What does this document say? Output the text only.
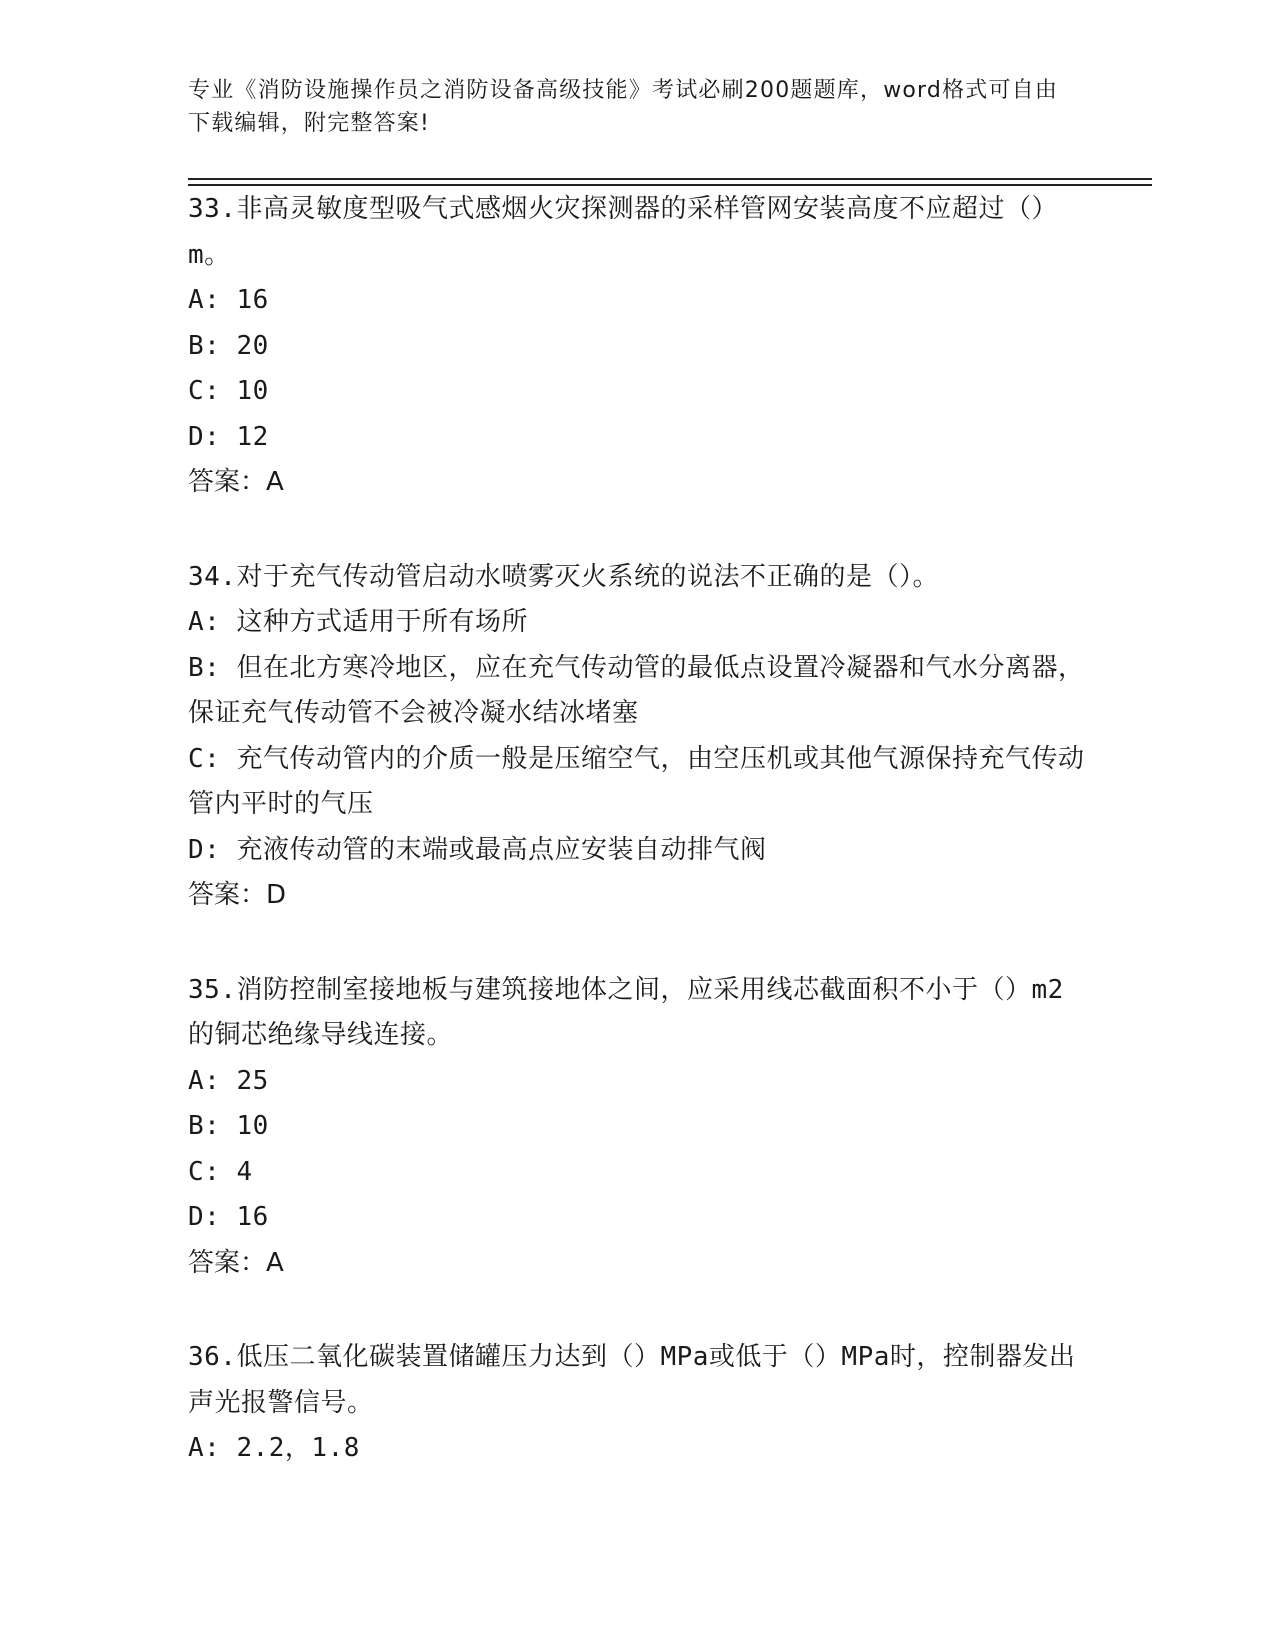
专业《消防设施操作员之消防设备高级技能》考试必刷200题题库，word格式可自由下载编辑，附完整答案!

33.非高灵敏度型吸气式感烟火灾探测器的采样管网安装高度不应超过（）m。

A: 16

B: 20

C: 10

D: 12

答案：A

34.对于充气传动管启动水喷雾灭火系统的说法不正确的是（）。

A: 这种方式适用于所有场所

B: 但在北方寒冷地区，应在充气传动管的最低点设置冷凝器和气水分离器，保证充气传动管不会被冷凝水结冰堵塞

C: 充气传动管内的介质一般是压缩空气，由空压机或其他气源保持充气传动管内平时的气压

D: 充液传动管的末端或最高点应安装自动排气阀

答案：D

35.消防控制室接地板与建筑接地体之间，应采用线芯截面积不小于（）m2的铜芯绝缘导线连接。

A: 25

B: 10

C: 4

D: 16

答案：A

36.低压二氧化碳装置储罐压力达到（）MPa或低于（）MPa时，控制器发出声光报警信号。

A: 2.2，1.8
